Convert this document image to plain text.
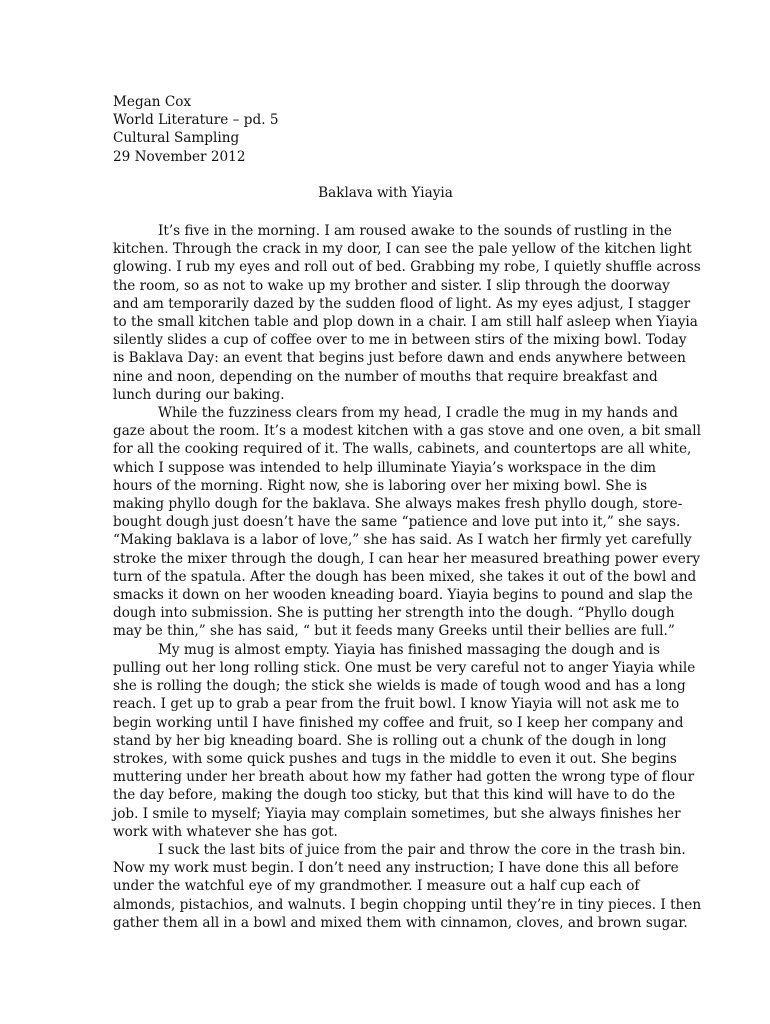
Megan Cox

World Literature – pd. 5

Cultural Sampling

29 November 2012

Baklava with Yiayia

It’s five in the morning. I am roused awake to the sounds of rustling in the
kitchen. Through the crack in my door, I can see the pale yellow of the kitchen light
glowing. I rub my eyes and roll out of bed. Grabbing my robe, I quietly shuffle across
the room, so as not to wake up my brother and sister. I slip through the doorway
and am temporarily dazed by the sudden flood of light. As my eyes adjust, I stagger
to the small kitchen table and plop down in a chair. I am still half asleep when Yiayia
silently slides a cup of coffee over to me in between stirs of the mixing bowl. Today
is Baklava Day: an event that begins just before dawn and ends anywhere between
nine and noon, depending on the number of mouths that require breakfast and
lunch during our baking.
While the fuzziness clears from my head, I cradle the mug in my hands and
gaze about the room. It’s a modest kitchen with a gas stove and one oven, a bit small
for all the cooking required of it. The walls, cabinets, and countertops are all white,
which I suppose was intended to help illuminate Yiayia’s workspace in the dim
hours of the morning. Right now, she is laboring over her mixing bowl. She is
making phyllo dough for the baklava. She always makes fresh phyllo dough, store-
bought dough just doesn’t have the same “patience and love put into it,” she says.
“Making baklava is a labor of love,” she has said. As I watch her firmly yet carefully
stroke the mixer through the dough, I can hear her measured breathing power every
turn of the spatula. After the dough has been mixed, she takes it out of the bowl and
smacks it down on her wooden kneading board. Yiayia begins to pound and slap the
dough into submission. She is putting her strength into the dough. “Phyllo dough
may be thin,” she has said, “ but it feeds many Greeks until their bellies are full.”
My mug is almost empty. Yiayia has finished massaging the dough and is
pulling out her long rolling stick. One must be very careful not to anger Yiayia while
she is rolling the dough; the stick she wields is made of tough wood and has a long
reach. I get up to grab a pear from the fruit bowl. I know Yiayia will not ask me to
begin working until I have finished my coffee and fruit, so I keep her company and
stand by her big kneading board. She is rolling out a chunk of the dough in long
strokes, with some quick pushes and tugs in the middle to even it out. She begins
muttering under her breath about how my father had gotten the wrong type of flour
the day before, making the dough too sticky, but that this kind will have to do the
job. I smile to myself; Yiayia may complain sometimes, but she always finishes her
work with whatever she has got.
I suck the last bits of juice from the pair and throw the core in the trash bin.
Now my work must begin. I don’t need any instruction; I have done this all before
under the watchful eye of my grandmother. I measure out a half cup each of
almonds, pistachios, and walnuts. I begin chopping until they’re in tiny pieces. I then
gather them all in a bowl and mixed them with cinnamon, cloves, and brown sugar.
